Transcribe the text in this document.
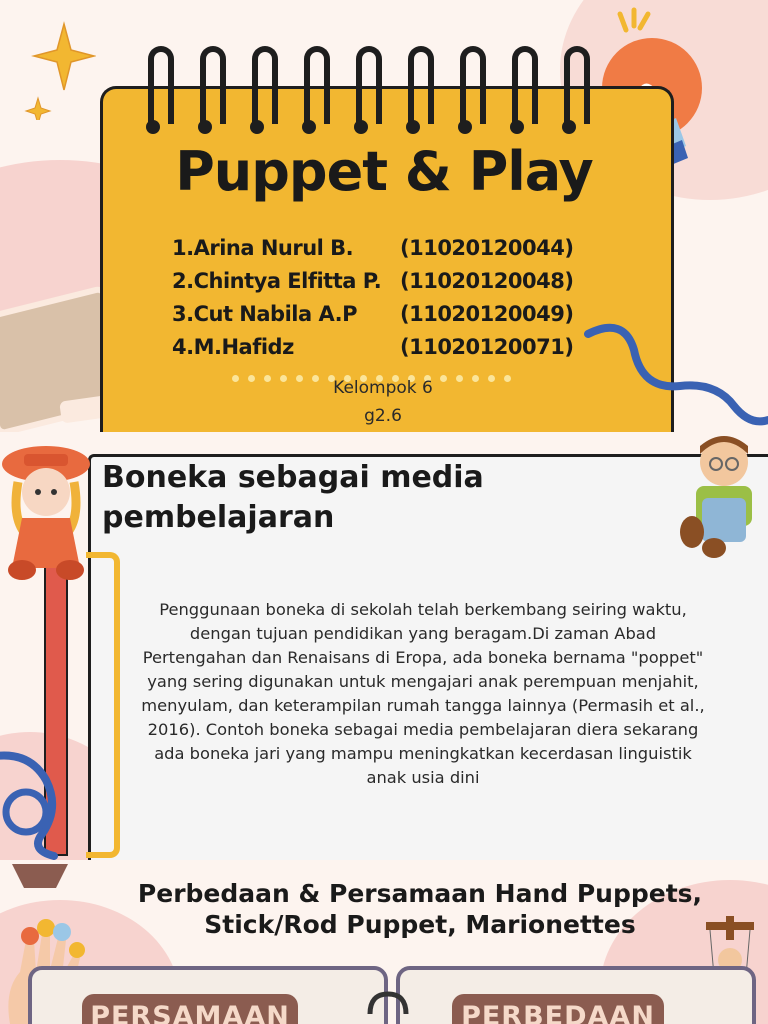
Puppet & Play
1.Arina Nurul B.	(11020120044)
2.Chintya Elfitta P. (11020120048)
3.Cut Nabila A.P	(11020120049)
4.M.Hafidz	(11020120071)
Kelompok 6
g2.6
Boneka sebagai media pembelajaran
Penggunaan boneka di sekolah telah berkembang seiring waktu, dengan tujuan pendidikan yang beragam.Di zaman Abad Pertengahan dan Renaisans di Eropa, ada boneka bernama "poppet" yang sering digunakan untuk mengajari anak perempuan menjahit, menyulam, dan keterampilan rumah tangga lainnya (Permasih et al., 2016). Contoh boneka sebagai media pembelajaran diera sekarang ada boneka jari yang mampu meningkatkan kecerdasan linguistik anak usia dini
Perbedaan & Persamaan Hand Puppets,
Stick/Rod Puppet, Marionettes
PERSAMAAN	PERBEDAAN
